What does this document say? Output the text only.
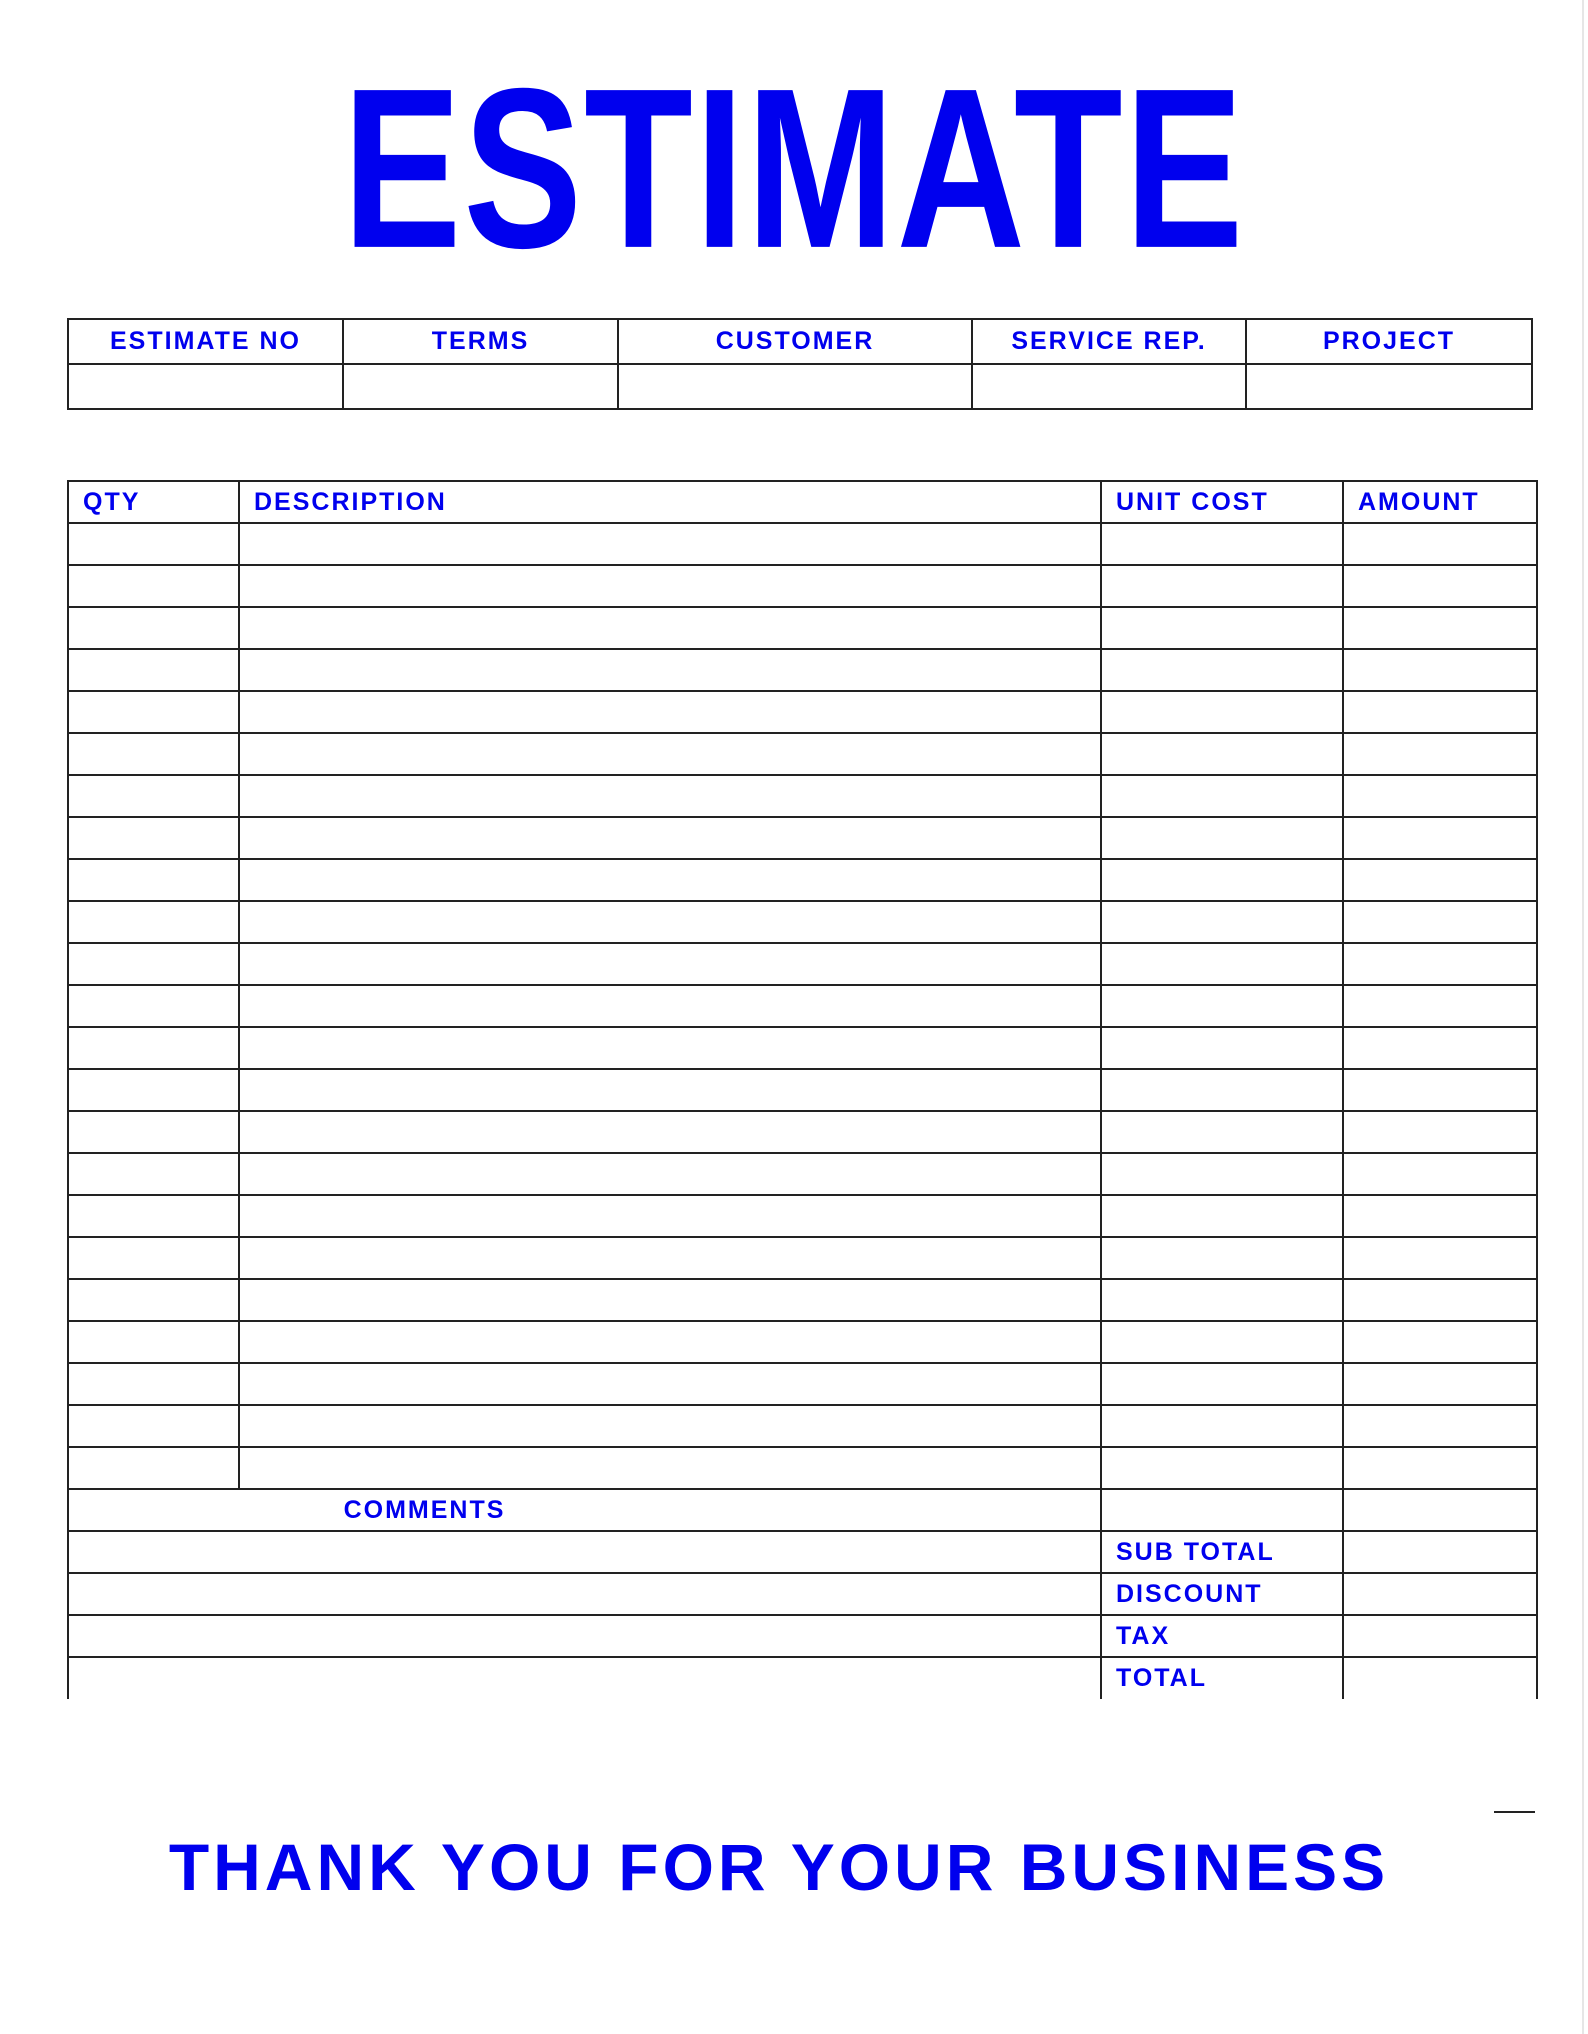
ESTIMATE
ESTIMATE NO	TERMS	CUSTOMER	SERVICE REP.	PROJECT

QTY	DESCRIPTION	UNIT COST	AMOUNT

COMMENTS			
		SUB TOTAL	
		DISCOUNT	
		TAX	
		TOTAL	
THANK YOU FOR YOUR BUSINESS
